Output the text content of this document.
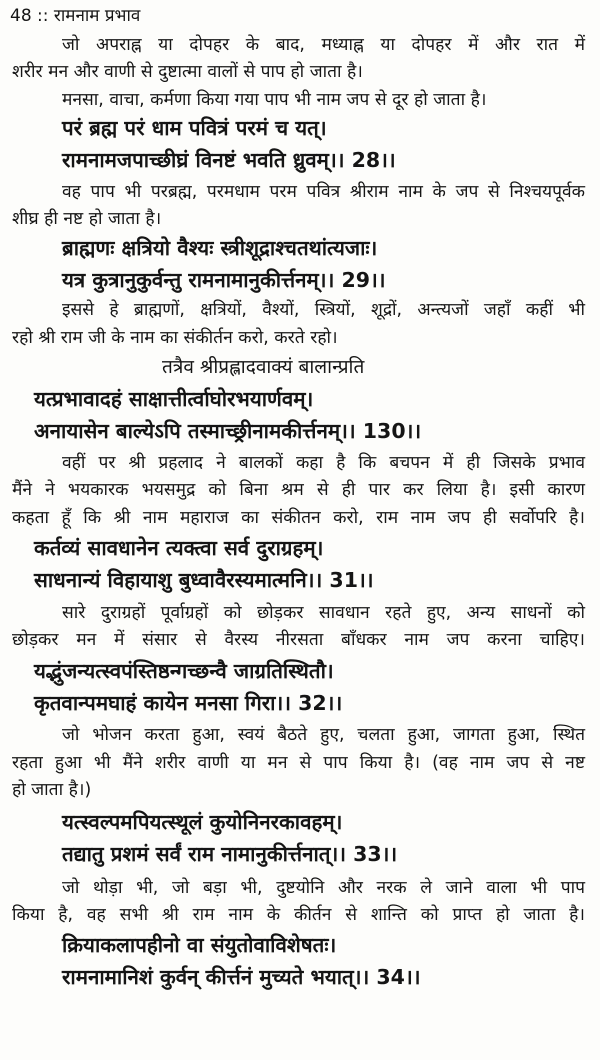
48 :: रामनाम प्रभाव

जो अपराह्न या दोपहर के बाद, मध्याह्न या दोपहर में और रात में

शरीर मन और वाणी से दुष्टात्मा वालों से पाप हो जाता है।

मनसा, वाचा, कर्मणा किया गया पाप भी नाम जप से दूर हो जाता है।

परं ब्रह्म परं धाम पवित्रं परमं च यत्।

रामनामजपाच्छीघ्रं विनष्टं भवति ध्रुवम्।। 28।।

वह पाप भी परब्रह्म, परमधाम परम पवित्र श्रीराम नाम के जप से निश्चयपूर्वक

शीघ्र ही नष्ट हो जाता है।

ब्राह्मणः क्षत्रियो वैश्यः स्त्रीशूद्राश्चतथांत्यजाः।

यत्र कुत्रानुकुर्वन्तु रामनामानुकीर्त्तनम्।। 29।।

इससे हे ब्राह्मणों, क्षत्रियों, वैश्यों, स्त्रियों, शूद्रों, अन्त्यजों जहाँ कहीं भी

रहो श्री राम जी के नाम का संकीर्तन करो, करते रहो।

तत्रैव श्रीप्रह्लादवाक्यं बालान्प्रति

यत्प्रभावादहं साक्षात्तीर्त्वाघोरभयार्णवम्।

अनायासेन बाल्येऽपि तस्माच्छ्रीनामकीर्त्तनम्।। 130।।

वहीं पर श्री प्रहलाद ने बालकों कहा है कि बचपन में ही जिसके प्रभाव

मैंने ने भयकारक भयसमुद्र को बिना श्रम से ही पार कर लिया है। इसी कारण

कहता हूँ कि श्री नाम महाराज का संकीतन करो, राम नाम जप ही सर्वोपरि है।

कर्तव्यं सावधानेन त्यक्त्वा सर्व दुराग्रहम्।

साधनान्यं विहायाशु बुध्वावैरस्यमात्मनि।। 31।।

सारे दुराग्रहों पूर्वाग्रहों को छोड़कर सावधान रहते हुए, अन्य साधनों को

छोड़कर मन में संसार से वैरस्य नीरसता बाँधकर नाम जप करना चाहिए।

यद्भुंजन्यत्स्वपंस्तिष्ठन्गच्छन्वै जाग्रतिस्थितौ।

कृतवान्पमघाहं कायेन मनसा गिरा।। 32।।

जो भोजन करता हुआ, स्वयं बैठते हुए, चलता हुआ, जागता हुआ, स्थित

रहता हुआ भी मैंने शरीर वाणी या मन से पाप किया है। (वह नाम जप से नष्ट

हो जाता है।)

यत्स्वल्पमपियत्स्थूलं कुयोनिनरकावहम्।

तद्यातु प्रशमं सर्वं राम नामानुकीर्त्तनात्।। 33।।

जो थोड़ा भी, जो बड़ा भी, दुष्टयोनि और नरक ले जाने वाला भी पाप

किया है, वह सभी श्री राम नाम के कीर्तन से शान्ति को प्राप्त हो जाता है।

क्रियाकलापहीनो वा संयुतोवाविशेषतः।

रामनामानिशं कुर्वन् कीर्त्तनं मुच्यते भयात्।। 34।।
